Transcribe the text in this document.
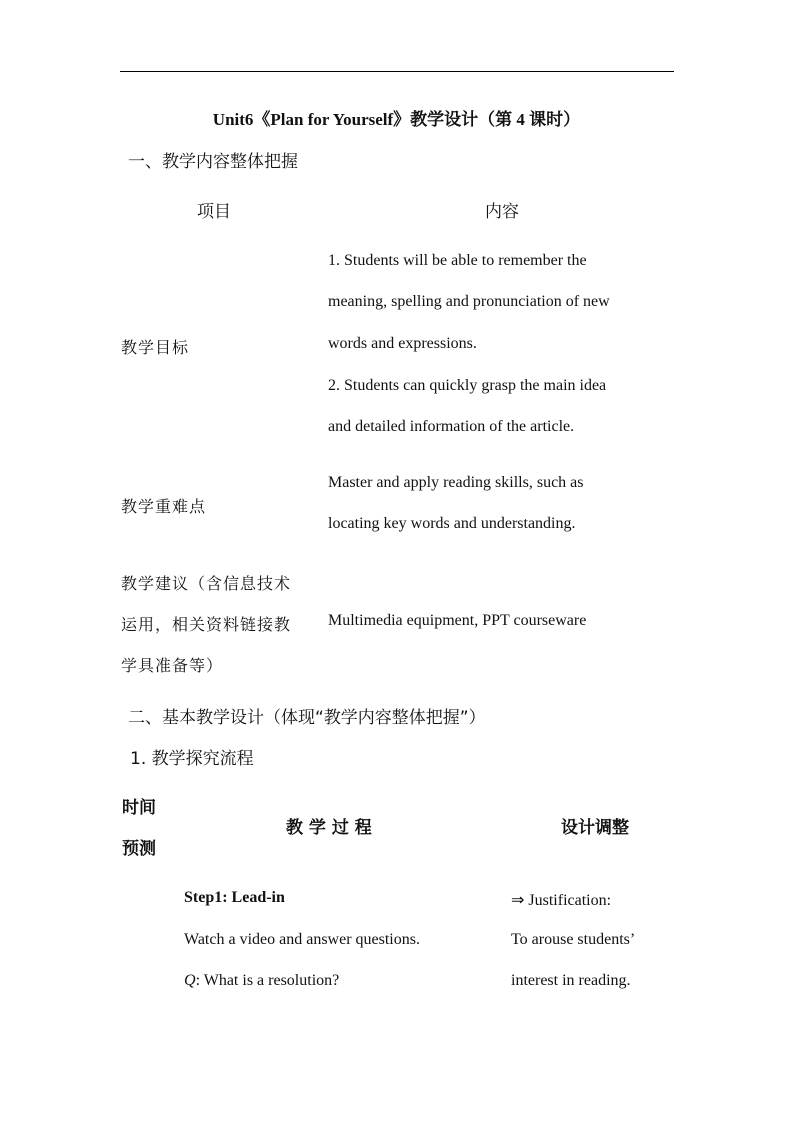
Unit6《Plan for Yourself》教学设计（第 4 课时）
一、教学内容整体把握
项目	内容
教学目标
1. Students will be able to remember the
meaning, spelling and pronunciation of new
words and expressions.
2. Students can quickly grasp the main idea
and detailed information of the article.
教学重难点
Master and apply reading skills, such as
locating key words and understanding.
教学建议（含信息技术
运用，相关资料链接教
学具准备等）
Multimedia equipment, PPT courseware
二、基本教学设计（体现“教学内容整体把握”）
1. 教学探究流程
时间
预测
教 学 过 程	设计调整
Step1: Lead-in
Watch a video and answer questions.
Q: What is a resolution?
⇒ Justification:
To arouse students’
interest in reading.
